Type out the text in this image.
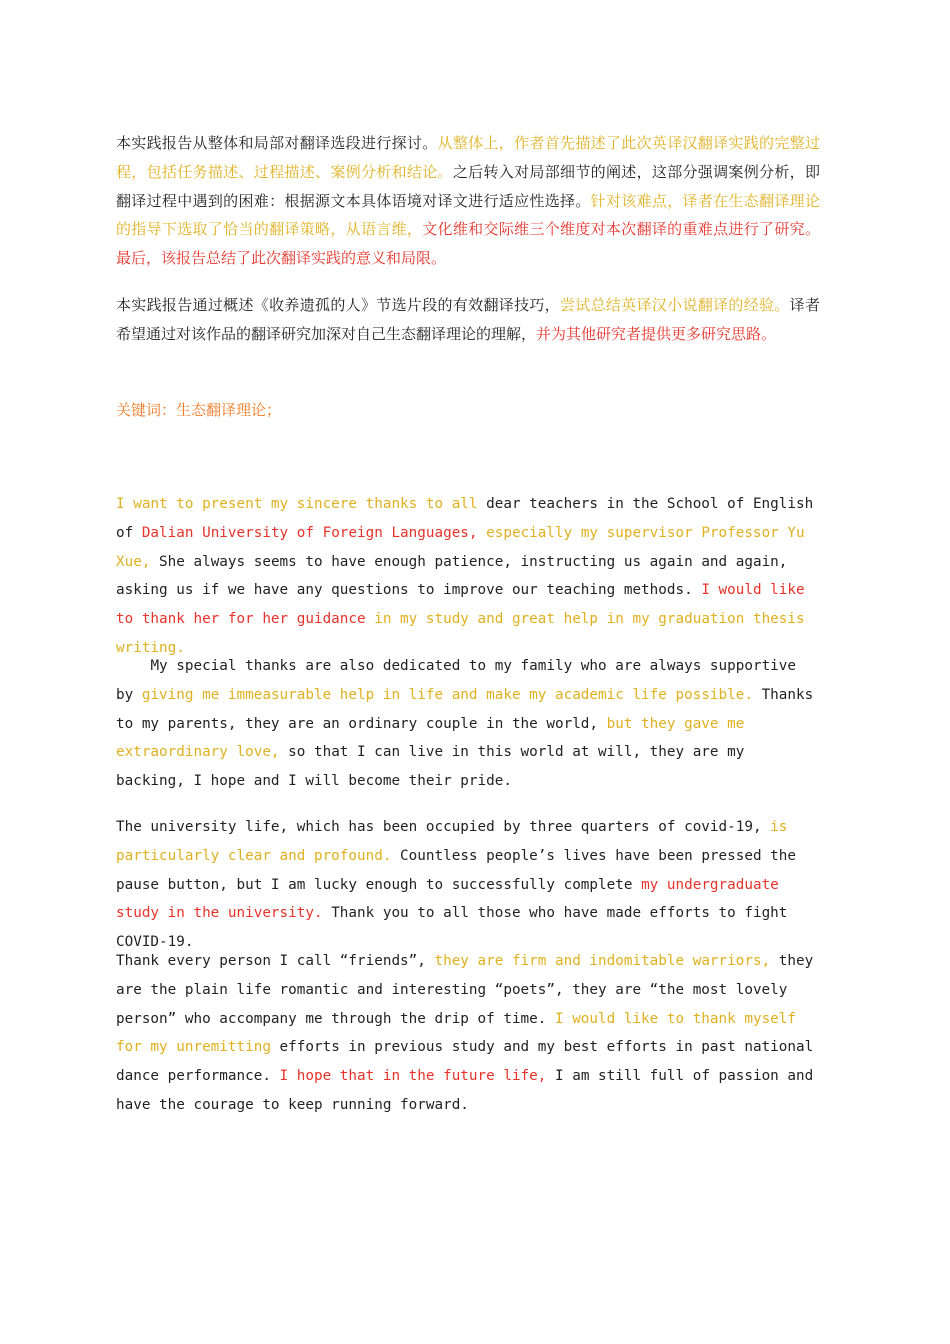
本实践报告从整体和局部对翻译选段进行探讨。从整体上，作者首先描述了此次英译汉翻译实践的完整过程，包括任务描述、过程描述、案例分析和结论。之后转入对局部细节的阐述，这部分强调案例分析，即翻译过程中遇到的困难：根据源文本具体语境对译文进行适应性选择。针对该难点，译者在生态翻译理论的指导下选取了恰当的翻译策略，从语言维，文化维和交际维三个维度对本次翻译的重难点进行了研究。最后，该报告总结了此次翻译实践的意义和局限。

本实践报告通过概述《收养遗孤的人》节选片段的有效翻译技巧，尝试总结英译汉小说翻译的经验。译者希望通过对该作品的翻译研究加深对自己生态翻译理论的理解，并为其他研究者提供更多研究思路。

关键词：生态翻译理论；

I want to present my sincere thanks to all dear teachers in the School of English of Dalian University of Foreign Languages, especially my supervisor Professor Yu Xue, She always seems to have enough patience, instructing us again and again, asking us if we have any questions to improve our teaching methods. I would like to thank her for her guidance in my study and great help in my graduation thesis writing.

My special thanks are also dedicated to my family who are always supportive by giving me immeasurable help in life and make my academic life possible. Thanks to my parents, they are an ordinary couple in the world, but they gave me extraordinary love, so that I can live in this world at will, they are my backing, I hope and I will become their pride.

The university life, which has been occupied by three quarters of covid-19, is particularly clear and profound. Countless people’s lives have been pressed the pause button, but I am lucky enough to successfully complete my undergraduate study in the university. Thank you to all those who have made efforts to fight COVID-19.

Thank every person I call “friends”, they are firm and indomitable warriors, they are the plain life romantic and interesting “poets”, they are “the most lovely person” who accompany me through the drip of time. I would like to thank myself for my unremitting efforts in previous study and my best efforts in past national dance performance. I hope that in the future life, I am still full of passion and have the courage to keep running forward.
